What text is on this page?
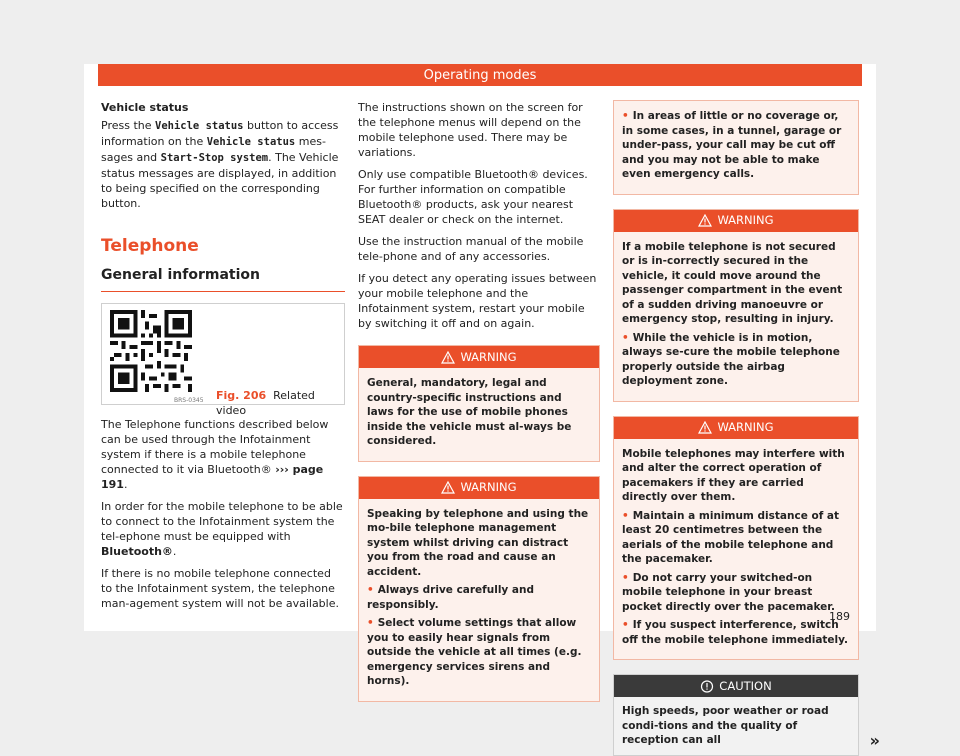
Operating modes
Vehicle status

Press the Vehicle status button to access information on the Vehicle status mes-sages and Start-Stop system. The Vehicle status messages are displayed, in addition to being specified on the corresponding button.

Telephone
General information
BRS-0345 Fig. 206 Related video

The Telephone functions described below can be used through the Infotainment system if there is a mobile telephone connected to it via Bluetooth® ››› page 191.

In order for the mobile telephone to be able to connect to the Infotainment system the tel-ephone must be equipped with Bluetooth®.

If there is no mobile telephone connected to the Infotainment system, the telephone man-agement system will not be available.

The instructions shown on the screen for the telephone menus will depend on the mobile telephone used. There may be variations.

Only use compatible Bluetooth® devices. For further information on compatible Bluetooth® products, ask your nearest SEAT dealer or check on the internet.

Use the instruction manual of the mobile tele-phone and of any accessories.

If you detect any operating issues between your mobile telephone and the Infotainment system, restart your mobile by switching it off and on again.

WARNING

General, mandatory, legal and country-specific instructions and laws for the use of mobile phones inside the vehicle must al-ways be considered.

WARNING

Speaking by telephone and using the mo-bile telephone management system whilst driving can distract you from the road and cause an accident.

• Always drive carefully and responsibly.

• Select volume settings that allow you to easily hear signals from outside the vehicle at all times (e.g. emergency services sirens and horns).

• In areas of little or no coverage or, in some cases, in a tunnel, garage or under-pass, your call may be cut off and you may not be able to make even emergency calls.

WARNING

If a mobile telephone is not secured or is in-correctly secured in the vehicle, it could move around the passenger compartment in the event of a sudden driving manoeuvre or emergency stop, resulting in injury.

• While the vehicle is in motion, always se-cure the mobile telephone properly outside the airbag deployment zone.

WARNING

Mobile telephones may interfere with and alter the correct operation of pacemakers if they are carried directly over them.

• Maintain a minimum distance of at least 20 centimetres between the aerials of the mobile telephone and the pacemaker.

• Do not carry your switched-on mobile telephone in your breast pocket directly over the pacemaker.

• If you suspect interference, switch off the mobile telephone immediately.

CAUTION
High speeds, poor weather or road condi-tions and the quality of reception can all	»
189
